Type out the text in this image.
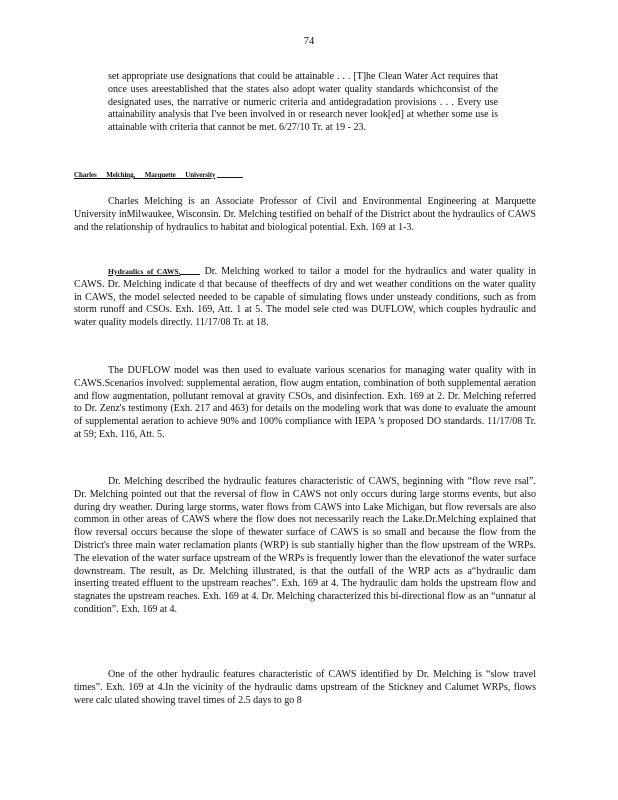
74
set appropriate use designations that could be attainable . . . [T]he Clean Water Act requires that once uses areestablished that the states also adopt water quality standards whichconsist of the designated uses, the narrative or numeric criteria and antidegradation provisions . . . Every use attainability analysis that I've been involved in or research never look[ed] at whether some use is attainable with criteria that cannot be met. 6/27/10 Tr. at 19 - 23.
Charles Melching, Marquette University
Charles Melching is an Associate Professor of Civil and Environmental Engineering at Marquette University inMilwaukee, Wisconsin. Dr. Melching testified on behalf of the District about the hydraulics of CAWS and the relationship of hydraulics to habitat and biological potential. Exh. 169 at 1-3.
Hydraulics of CAWS. Dr. Melching worked to tailor a model for the hydraulics and water quality in CAWS. Dr. Melching indicate d that because of theeffects of dry and wet weather conditions on the water quality in CAWS, the model selected needed to be capable of simulating flows under unsteady conditions, such as from storm runoff and CSOs. Exh. 169, Att. 1 at 5. The model sele cted was DUFLOW, which couples hydraulic and water quality models directly. 11/17/08 Tr. at 18.
The DUFLOW model was then used to evaluate various scenarios for managing water quality with in CAWS.Scenarios involved: supplemental aeration, flow augm entation, combination of both supplemental aeration and flow augmentation, pollutant removal at gravity CSOs, and disinfection. Exh. 169 at 2. Dr. Melching referred to Dr. Zenz's testimony (Exh. 217 and 463) for details on the modeling work that was done to evaluate the amount of supplemental aeration to achieve 90% and 100% compliance with IEPA 's proposed DO standards. 11/17/08 Tr. at 59; Exh. 116, Att. 5.
Dr. Melching described the hydraulic features characteristic of CAWS, beginning with “flow reve rsal”. Dr. Melching pointed out that the reversal of flow in CAWS not only occurs during large storms events, but also during dry weather. During large storms, water flows from CAWS into Lake Michigan, but flow reversals are also common in other areas of CAWS where the flow does not necessarily reach the Lake.Dr.Melching explained that flow reversal occurs because the slope of thewater surface of CAWS is so small and because the flow from the District's three main water reclamation plants (WRP) is sub stantially higher than the flow upstream of the WRPs. The elevation of the water surface upstream of the WRPs is frequently lower than the elevationof the water surface downstream. The result, as Dr. Melching illustrated, is that the outfall of the WRP acts as a“hydraulic dam inserting treated effluent to the upstream reaches”. Exh. 169 at 4. The hydraulic dam holds the upstream flow and stagnates the upstream reaches. Exh. 169 at 4. Dr. Melching characterized this bi-directional flow as an “unnatur al condition”. Exh. 169 at 4.
One of the other hydraulic features characteristic of CAWS identified by Dr. Melching is “slow travel times”. Exh. 169 at 4.In the vicinity of the hydraulic dams upstream of the Stickney and Calumet WRPs, flows were calc ulated showing travel times of 2.5 days to go 8
